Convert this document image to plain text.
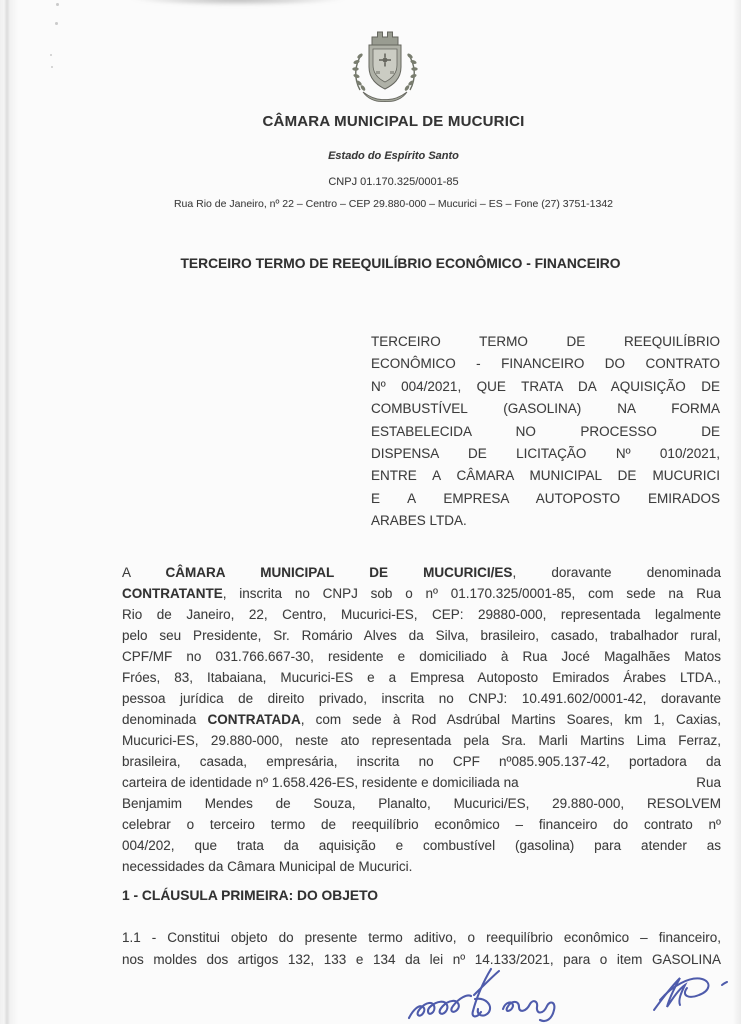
CÂMARA MUNICIPAL DE MUCURICI
Estado do Espírito Santo
CNPJ 01.170.325/0001-85
Rua Rio de Janeiro, nº 22 – Centro – CEP 29.880-000 – Mucurici – ES – Fone (27) 3751-1342
TERCEIRO TERMO DE REEQUILÍBRIO ECONÔMICO - FINANCEIRO
TERCEIRO TERMO DE REEQUILÍBRIO
ECONÔMICO - FINANCEIRO DO CONTRATO
Nº 004/2021, QUE TRATA DA AQUISIÇÃO DE
COMBUSTÍVEL (GASOLINA) NA FORMA
ESTABELECIDA NO PROCESSO DE
DISPENSA DE LICITAÇÃO Nº 010/2021,
ENTRE A CÂMARA MUNICIPAL DE MUCURICI
E A EMPRESA AUTOPOSTO EMIRADOS
ARABES LTDA.
A CÂMARA MUNICIPAL DE MUCURICI/ES, doravante denominada
CONTRATANTE, inscrita no CNPJ sob o nº 01.170.325/0001-85, com sede na Rua
Rio de Janeiro, 22, Centro, Mucurici-ES, CEP: 29880-000, representada legalmente
pelo seu Presidente, Sr. Romário Alves da Silva, brasileiro, casado, trabalhador rural,
CPF/MF no 031.766.667-30, residente e domiciliado à Rua Jocé Magalhães Matos
Fróes, 83, Itabaiana, Mucurici-ES e a Empresa Autoposto Emirados Árabes LTDA.,
pessoa jurídica de direito privado, inscrita no CNPJ: 10.491.602/0001-42, doravante
denominada CONTRATADA, com sede à Rod Asdrúbal Martins Soares, km 1, Caxias,
Mucurici-ES, 29.880-000, neste ato representada pela Sra. Marli Martins Lima Ferraz,
brasileira, casada, empresária, inscrita no CPF nº085.905.137-42, portadora da
carteira de identidade nº 1.658.426-ES, residente e domiciliada na	Rua
Benjamim Mendes de Souza, Planalto, Mucurici/ES, 29.880-000, RESOLVEM
celebrar o terceiro termo de reequilíbrio econômico – financeiro do contrato nº
004/202, que trata da aquisição e combustível (gasolina) para atender as
necessidades da Câmara Municipal de Mucurici.
1 - CLÁUSULA PRIMEIRA: DO OBJETO
1.1 - Constitui objeto do presente termo aditivo, o reequilíbrio econômico – financeiro,
nos moldes dos artigos 132, 133 e 134 da lei nº 14.133/2021, para o item GASOLINA
